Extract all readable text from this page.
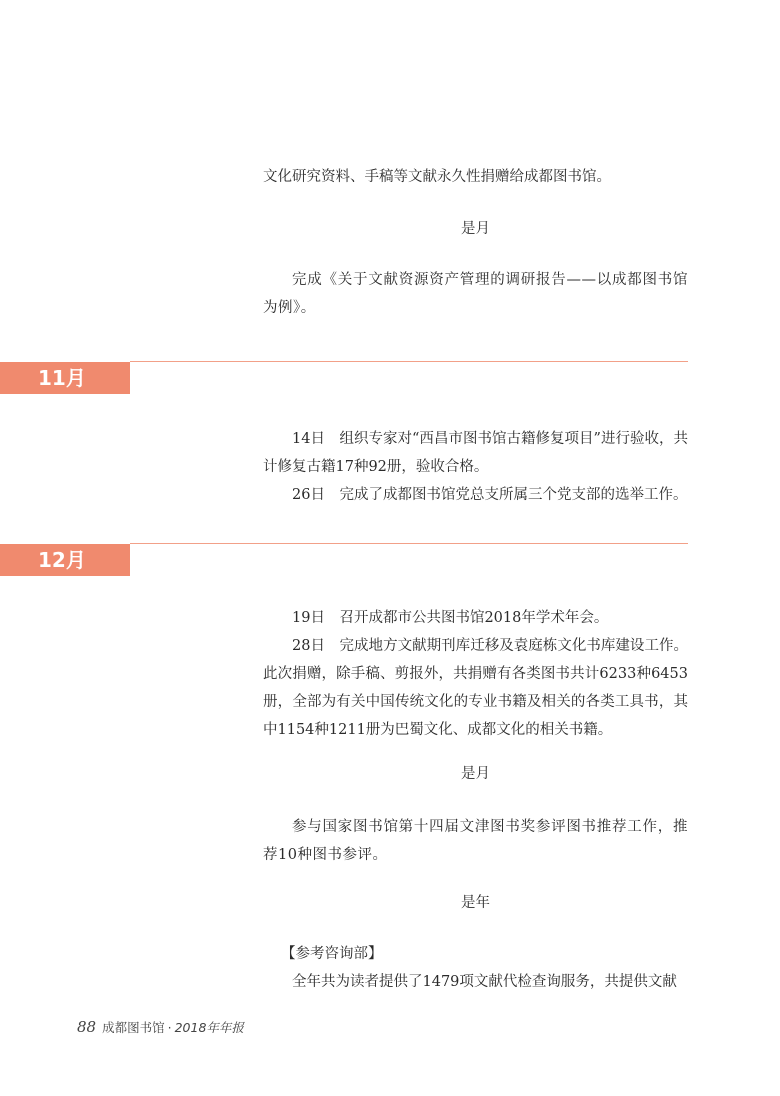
文化研究资料、手稿等文献永久性捐赠给成都图书馆。

是月

完成《关于文献资源资产管理的调研报告——以成都图书馆为例》。

11月

14日　组织专家对“西昌市图书馆古籍修复项目”进行验收，共计修复古籍17种92册，验收合格。

26日　完成了成都图书馆党总支所属三个党支部的选举工作。

12月

19日　召开成都市公共图书馆2018年学术年会。

28日　完成地方文献期刊库迁移及袁庭栋文化书库建设工作。此次捐赠，除手稿、剪报外，共捐赠有各类图书共计6233种6453册，全部为有关中国传统文化的专业书籍及相关的各类工具书，其中1154种1211册为巴蜀文化、成都文化的相关书籍。

是月

参与国家图书馆第十四届文津图书奖参评图书推荐工作，推荐10种图书参评。

是年

【参考咨询部】

全年共为读者提供了1479项文献代检查询服务，共提供文献

88 成都图书馆 · 2018年年报
